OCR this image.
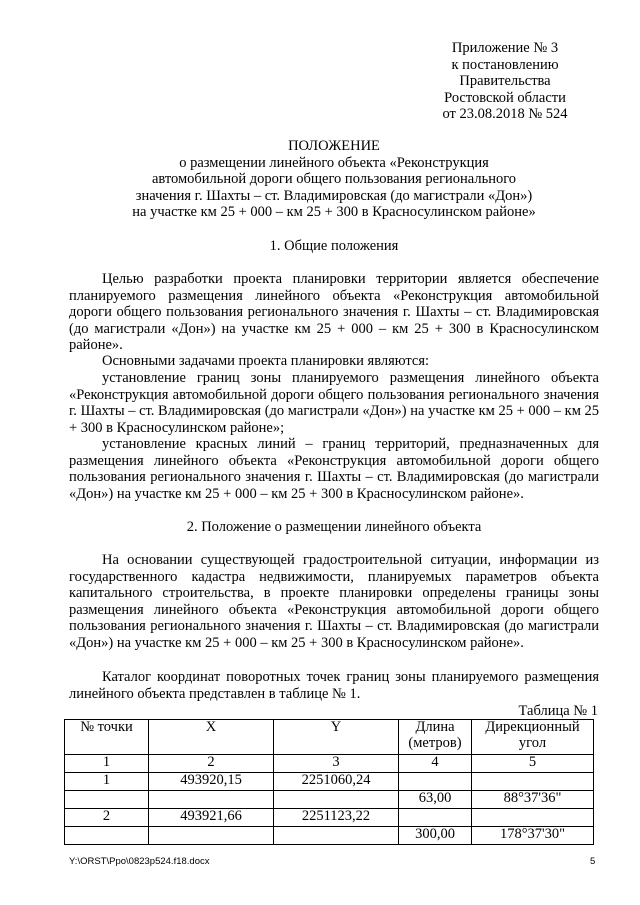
Приложение № 3
к постановлению
Правительства
Ростовской области
от 23.08.2018 № 524
ПОЛОЖЕНИЕ
о размещении линейного объекта «Реконструкция
автомобильной дороги общего пользования регионального
значения г. Шахты – ст. Владимировская (до магистрали «Дон»)
на участке км 25 + 000 – км 25 + 300 в Красносулинском районе»
1. Общие положения

Целью разработки проекта планировки территории является обеспечение планируемого размещения линейного объекта «Реконструкция автомобильной дороги общего пользования регионального значения г. Шахты – ст. Владимировская (до магистрали «Дон») на участке км 25 + 000 – км 25 + 300 в Красносулинском районе».

Основными задачами проекта планировки являются:

установление границ зоны планируемого размещения линейного объекта «Реконструкция автомобильной дороги общего пользования регионального значения г. Шахты – ст. Владимировская (до магистрали «Дон») на участке км 25 + 000 – км 25 + 300 в Красносулинском районе»;

установление красных линий – границ территорий, предназначенных для размещения линейного объекта «Реконструкция автомобильной дороги общего пользования регионального значения г. Шахты – ст. Владимировская (до магистрали «Дон») на участке км 25 + 000 – км 25 + 300 в Красносулинском районе».

2. Положение о размещении линейного объекта

На основании существующей градостроительной ситуации, информации из государственного кадастра недвижимости, планируемых параметров объекта капитального строительства, в проекте планировки определены границы зоны размещения линейного объекта «Реконструкция автомобильной дороги общего пользования регионального значения г. Шахты – ст. Владимировская (до магистрали «Дон») на участке км 25 + 000 – км 25 + 300 в Красносулинском районе».

Каталог координат поворотных точек границ зоны планируемого размещения линейного объекта представлен в таблице № 1.

Таблица № 1
№ точки	X	Y	Длина (метров)	Дирекционный угол
1	2	3	4	5
1	493920,15	2251060,24		
			63,00	88°37'36"
2	493921,66	2251123,22		
			300,00	178°37'30"
Y:\ORST\Ppo\0823p524.f18.docx	5
